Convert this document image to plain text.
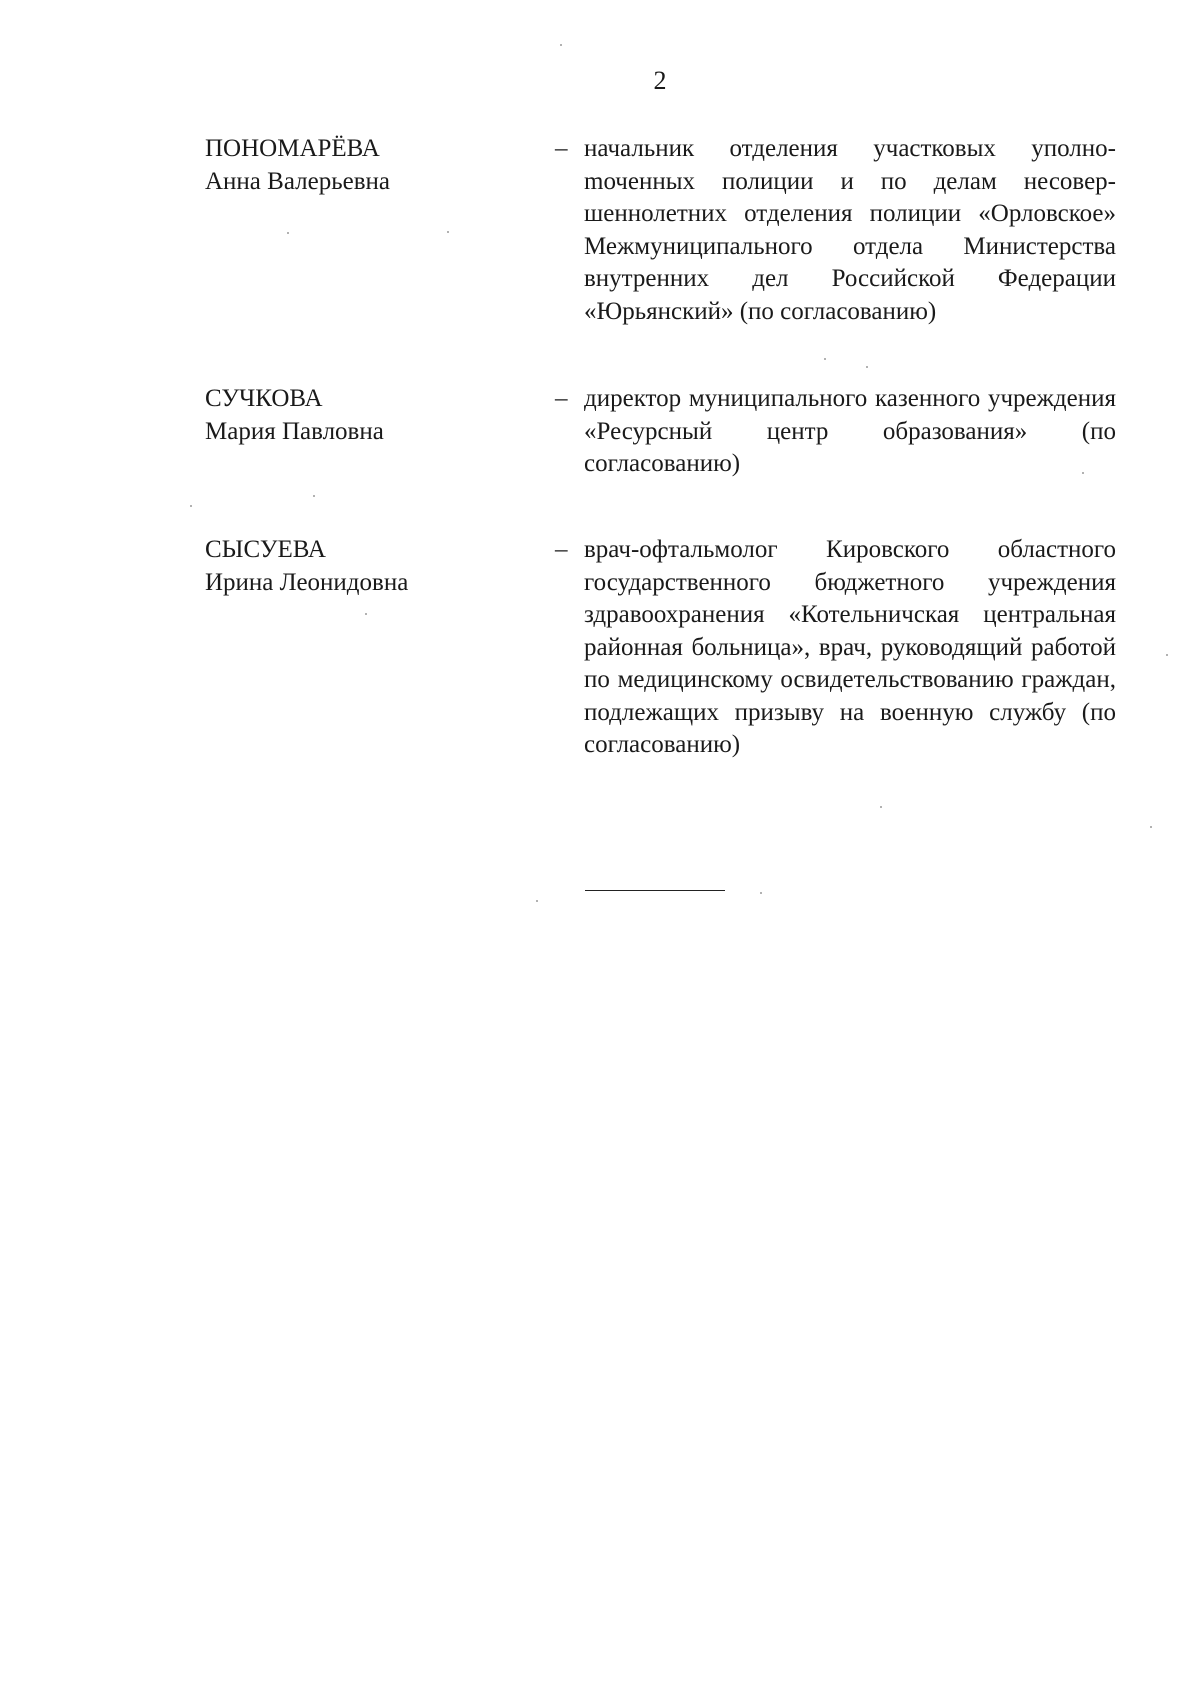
2
ПОНОМАРЁВА
Анна Валерьевна
– начальник отделения участковых уполноmоченных полиции и по делам несовершеннолетних отделения полиции «Орловское» Межмуниципального отдела Министерства внутренних дел Российской Федерации «Юрьянский» (по согласованию)
СУЧКОВА
Мария Павловна
– директор муниципального казенного учреждения «Ресурсный центр образования» (по согласованию)
СЫСУЕВА
Ирина Леонидовна
– врач-офтальмолог Кировского областного государственного бюджетного учреждения здравоохранения «Котельничская центральная районная больница», врач, руководящий работой по медицинскому освидетельствованию граждан, подлежащих призыву на военную службу (по согласованию)
